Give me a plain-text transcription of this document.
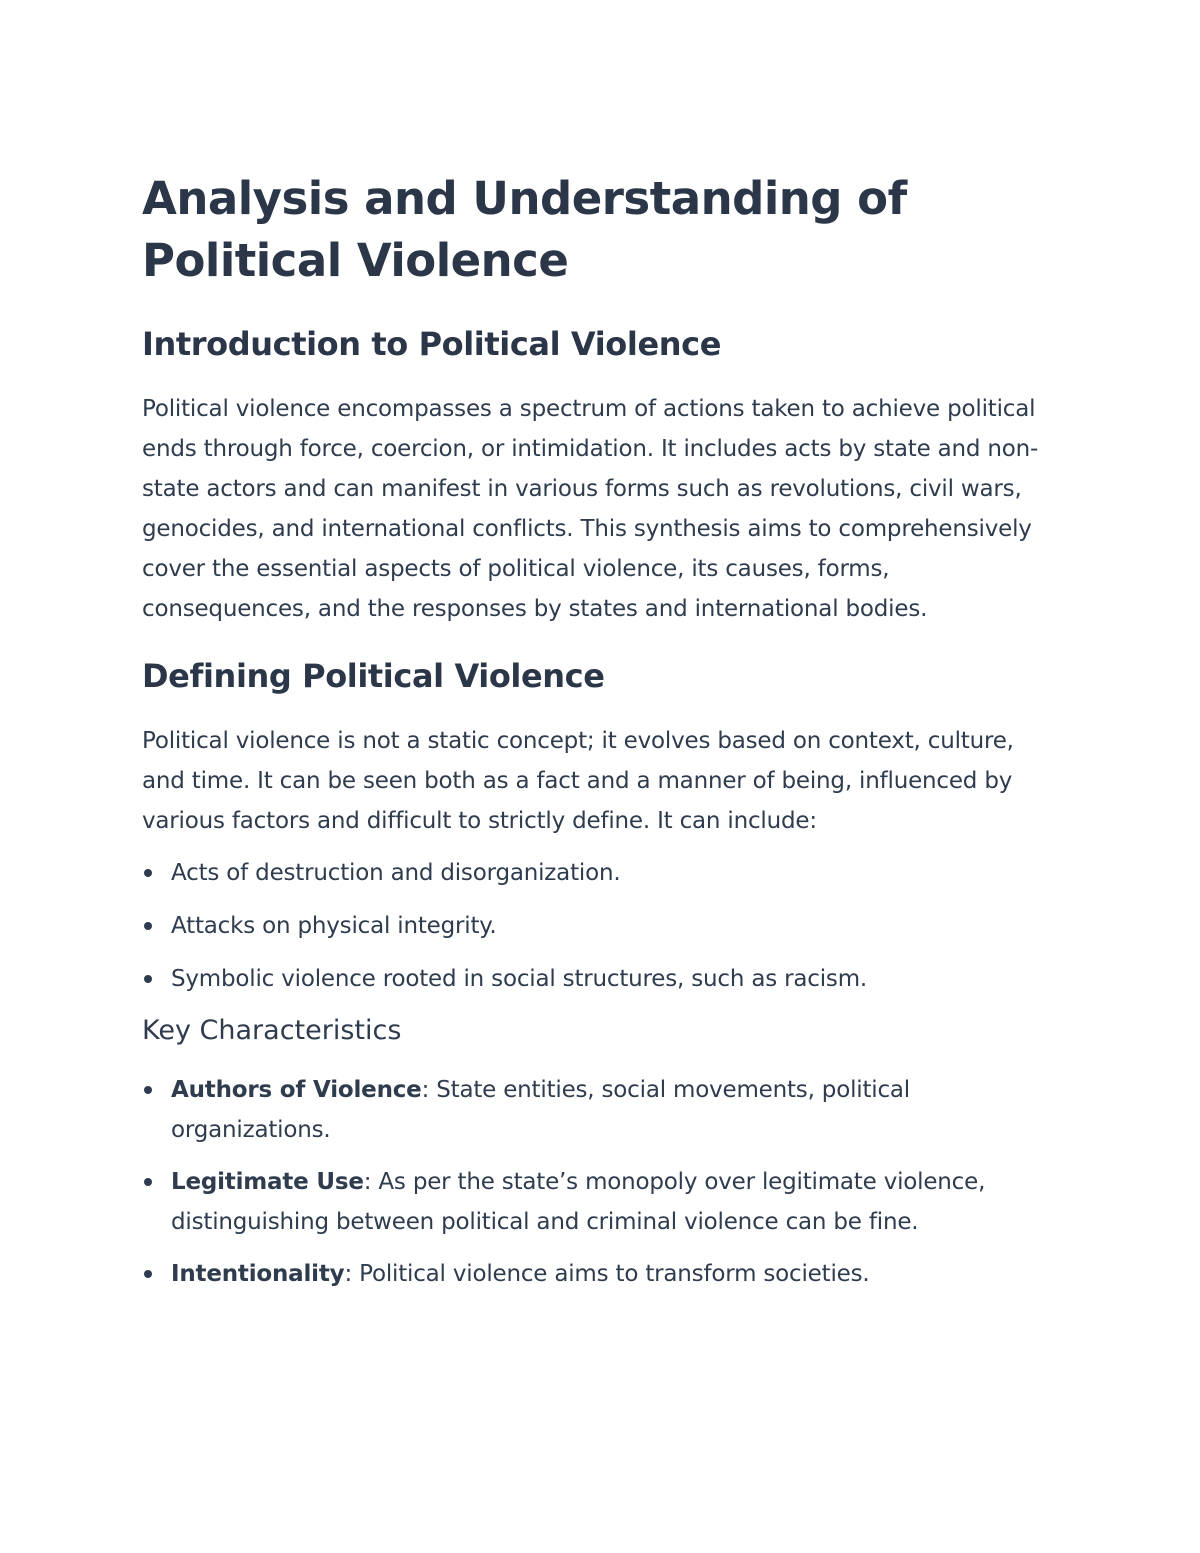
Analysis and Understanding of Political Violence
Introduction to Political Violence

Political violence encompasses a spectrum of actions taken to achieve political ends through force, coercion, or intimidation. It includes acts by state and non-state actors and can manifest in various forms such as revolutions, civil wars, genocides, and international conflicts. This synthesis aims to comprehensively cover the essential aspects of political violence, its causes, forms, consequences, and the responses by states and international bodies.

Defining Political Violence

Political violence is not a static concept; it evolves based on context, culture, and time. It can be seen both as a fact and a manner of being, influenced by various factors and difficult to strictly define. It can include:

Acts of destruction and disorganization.
Attacks on physical integrity.
Symbolic violence rooted in social structures, such as racism.
Key Characteristics
Authors of Violence: State entities, social movements, political organizations.
Legitimate Use: As per the state’s monopoly over legitimate violence, distinguishing between political and criminal violence can be fine.
Intentionality: Political violence aims to transform societies.
